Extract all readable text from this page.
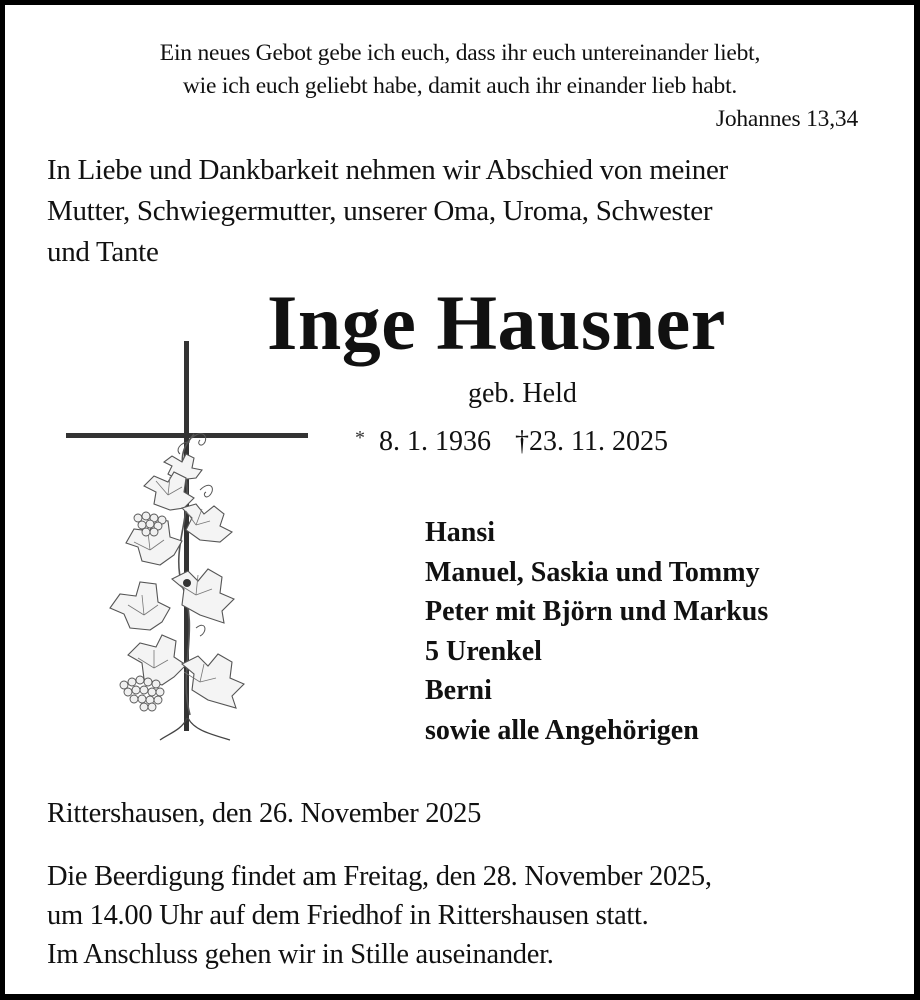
Ein neues Gebot gebe ich euch, dass ihr euch untereinander liebt,
wie ich euch geliebt habe, damit auch ihr einander lieb habt.
Johannes 13,34
In Liebe und Dankbarkeit nehmen wir Abschied von meiner
Mutter, Schwiegermutter, unserer Oma, Uroma, Schwester
und Tante
Inge Hausner
geb. Held
* 8. 1. 1936 †23. 11. 2025
Hansi
Manuel, Saskia und Tommy
Peter mit Björn und Markus
5 Urenkel
Berni
sowie alle Angehörigen
Rittershausen, den 26. November 2025
Die Beerdigung findet am Freitag, den 28. November 2025,
um 14.00 Uhr auf dem Friedhof in Rittershausen statt.
Im Anschluss gehen wir in Stille auseinander.
